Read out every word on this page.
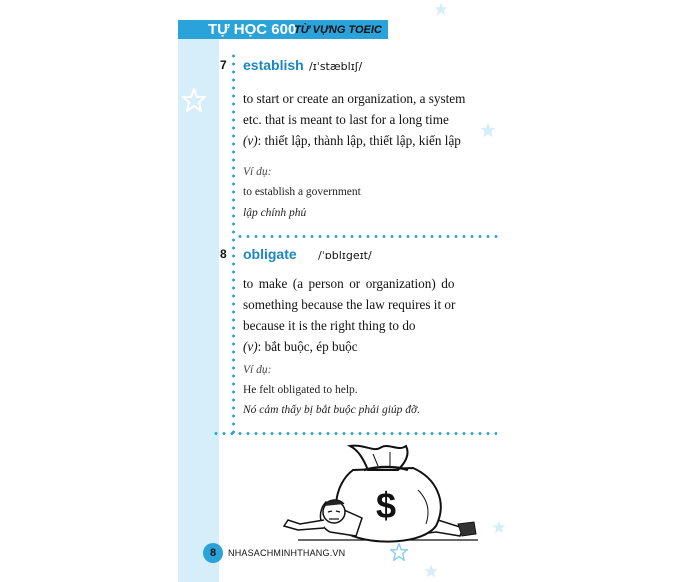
TỰ HỌC 600
TỪ VỰNG TOEIC
7 establish /ɪˈstæblɪʃ/
to start or create an organization, a system
etc. that is meant to last for a long time
(v): thiết lập, thành lập, thiết lập, kiến lập
Ví dụ:
to establish a government
lập chính phủ
8 obligate /ˈɒblɪgeɪt/
to make (a person or organization) do
something because the law requires it or
because it is the right thing to do
(v): bắt buộc, ép buộc
Ví dụ:
He felt obligated to help.
Nó cảm thấy bị bắt buộc phải giúp đỡ.
$
8	NHASACHMINHTHANG.VN
